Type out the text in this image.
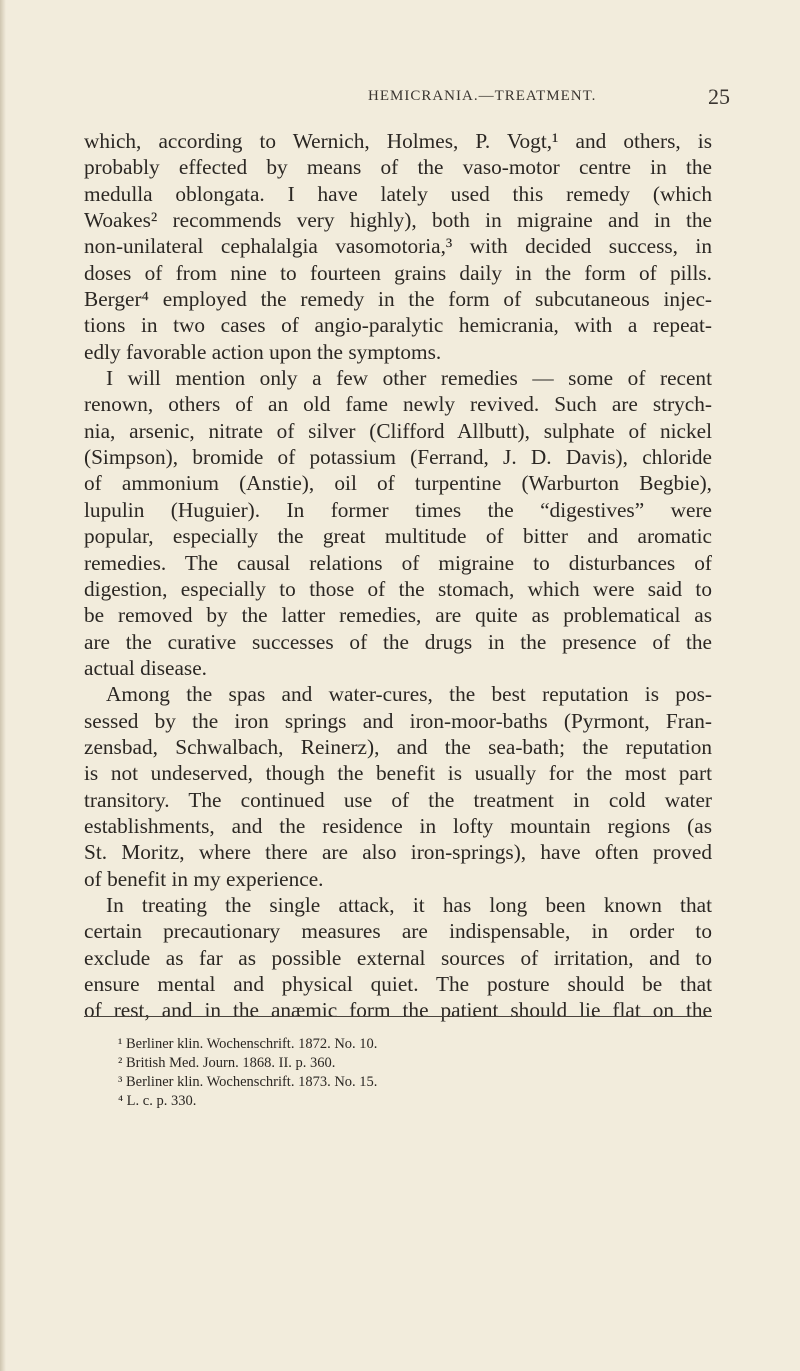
HEMICRANIA.—TREATMENT.	25
which, according to Wernich, Holmes, P. Vogt,¹ and others, is
probably effected by means of the vaso-motor centre in the
medulla oblongata. I have lately used this remedy (which
Woakes² recommends very highly), both in migraine and in the
non-unilateral cephalalgia vasomotoria,³ with decided success, in
doses of from nine to fourteen grains daily in the form of pills.
Berger⁴ employed the remedy in the form of subcutaneous injec-
tions in two cases of angio-paralytic hemicrania, with a repeat-
edly favorable action upon the symptoms.
I will mention only a few other remedies — some of recent
renown, others of an old fame newly revived. Such are strych-
nia, arsenic, nitrate of silver (Clifford Allbutt), sulphate of nickel
(Simpson), bromide of potassium (Ferrand, J. D. Davis), chloride
of ammonium (Anstie), oil of turpentine (Warburton Begbie),
lupulin (Huguier). In former times the “digestives” were
popular, especially the great multitude of bitter and aromatic
remedies. The causal relations of migraine to disturbances of
digestion, especially to those of the stomach, which were said to
be removed by the latter remedies, are quite as problematical as
are the curative successes of the drugs in the presence of the
actual disease.
Among the spas and water-cures, the best reputation is pos-
sessed by the iron springs and iron-moor-baths (Pyrmont, Fran-
zensbad, Schwalbach, Reinerz), and the sea-bath; the reputation
is not undeserved, though the benefit is usually for the most part
transitory. The continued use of the treatment in cold water
establishments, and the residence in lofty mountain regions (as
St. Moritz, where there are also iron-springs), have often proved
of benefit in my experience.
In treating the single attack, it has long been known that
certain precautionary measures are indispensable, in order to
exclude as far as possible external sources of irritation, and to
ensure mental and physical quiet. The posture should be that
of rest, and in the anæmic form the patient should lie flat on the
¹ Berliner klin. Wochenschrift. 1872. No. 10.
² British Med. Journ. 1868. II. p. 360.
³ Berliner klin. Wochenschrift. 1873. No. 15.
⁴ L. c. p. 330.
